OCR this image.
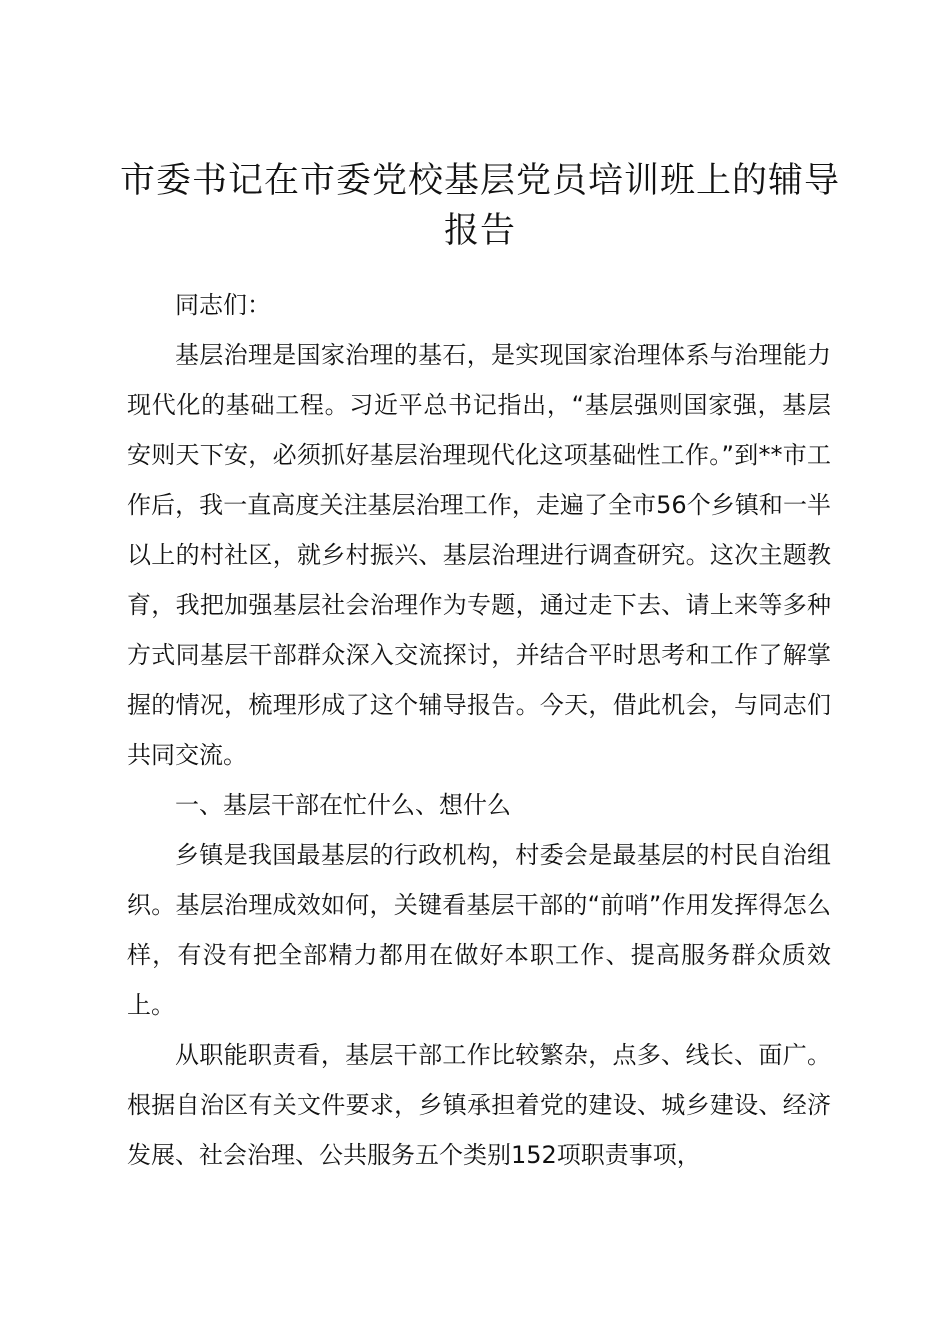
市委书记在市委党校基层党员培训班上的辅导报告

同志们：

基层治理是国家治理的基石，是实现国家治理体系与治理能力现代化的基础工程。习近平总书记指出，“基层强则国家强，基层安则天下安，必须抓好基层治理现代化这项基础性工作。”到**市工作后，我一直高度关注基层治理工作，走遍了全市56个乡镇和一半以上的村社区，就乡村振兴、基层治理进行调查研究。这次主题教育，我把加强基层社会治理作为专题，通过走下去、请上来等多种方式同基层干部群众深入交流探讨，并结合平时思考和工作了解掌握的情况，梳理形成了这个辅导报告。今天，借此机会，与同志们共同交流。

一、基层干部在忙什么、想什么

乡镇是我国最基层的行政机构，村委会是最基层的村民自治组织。基层治理成效如何，关键看基层干部的“前哨”作用发挥得怎么样，有没有把全部精力都用在做好本职工作、提高服务群众质效上。

从职能职责看，基层干部工作比较繁杂，点多、线长、面广。根据自治区有关文件要求，乡镇承担着党的建设、城乡建设、经济发展、社会治理、公共服务五个类别152项职责事项，
